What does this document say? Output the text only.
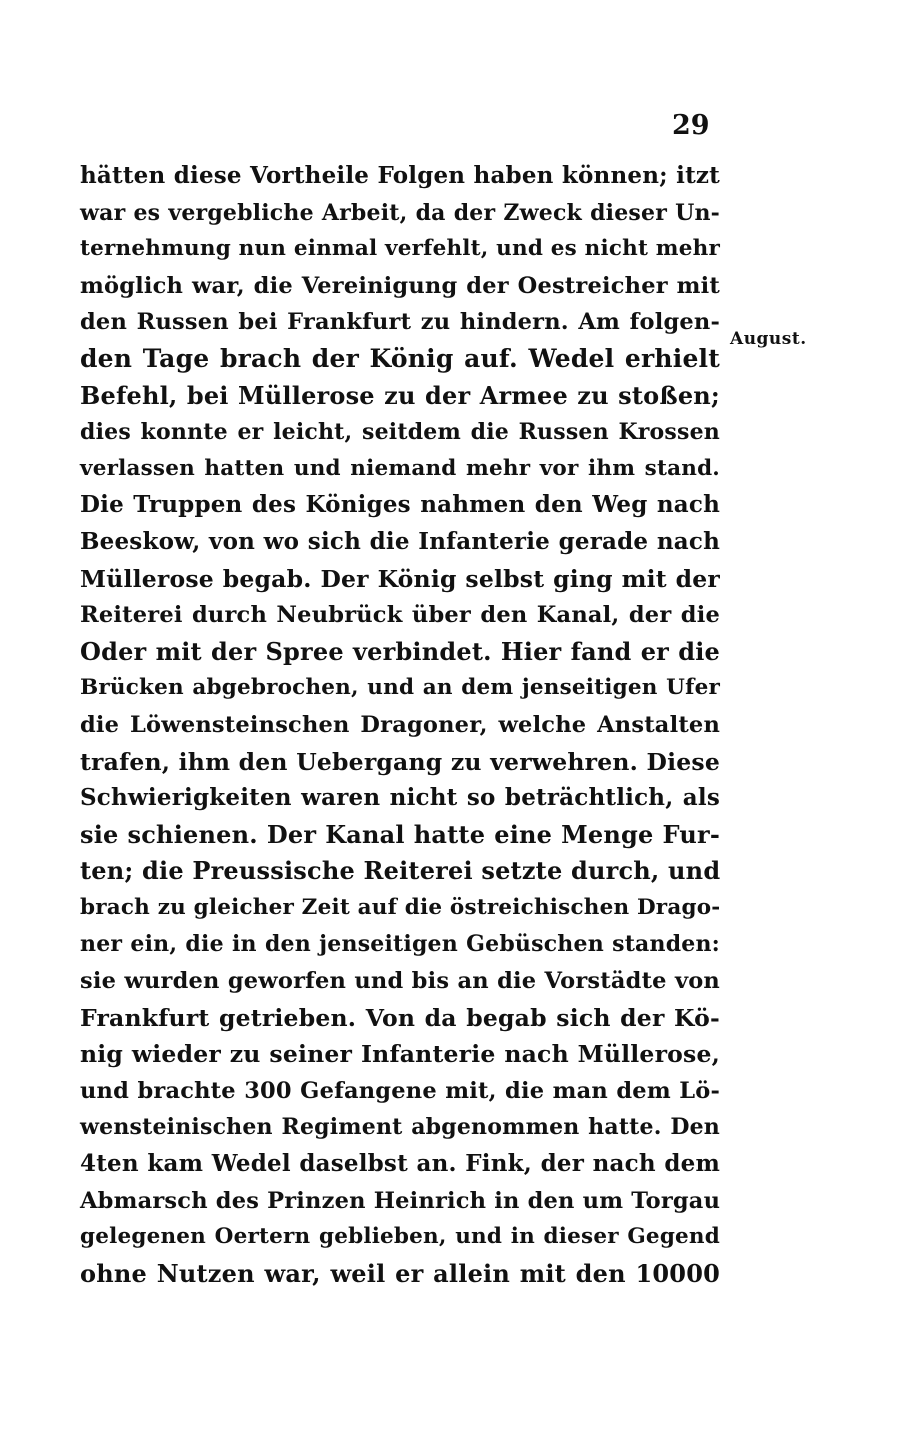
29
August.
hätten diese Vortheile Folgen haben können; itzt
war es vergebliche Arbeit, da der Zweck dieser Un-
ternehmung nun einmal verfehlt, und es nicht mehr
möglich war, die Vereinigung der Oestreicher mit
den Russen bei Frankfurt zu hindern. Am folgen-
den Tage brach der König auf. Wedel erhielt
Befehl, bei Müllerose zu der Armee zu stoßen;
dies konnte er leicht, seitdem die Russen Krossen
verlassen hatten und niemand mehr vor ihm stand.
Die Truppen des Königes nahmen den Weg nach
Beeskow, von wo sich die Infanterie gerade nach
Müllerose begab. Der König selbst ging mit der
Reiterei durch Neubrück über den Kanal, der die
Oder mit der Spree verbindet. Hier fand er die
Brücken abgebrochen, und an dem jenseitigen Ufer
die Löwensteinschen Dragoner, welche Anstalten
trafen, ihm den Uebergang zu verwehren. Diese
Schwierigkeiten waren nicht so beträchtlich, als
sie schienen. Der Kanal hatte eine Menge Fur-
ten; die Preussische Reiterei setzte durch, und
brach zu gleicher Zeit auf die östreichischen Drago-
ner ein, die in den jenseitigen Gebüschen standen:
sie wurden geworfen und bis an die Vorstädte von
Frankfurt getrieben. Von da begab sich der Kö-
nig wieder zu seiner Infanterie nach Müllerose,
und brachte 300 Gefangene mit, die man dem Lö-
wensteinischen Regiment abgenommen hatte. Den
4ten kam Wedel daselbst an. Fink, der nach dem
Abmarsch des Prinzen Heinrich in den um Torgau
gelegenen Oertern geblieben, und in dieser Gegend
ohne Nutzen war, weil er allein mit den 10000
